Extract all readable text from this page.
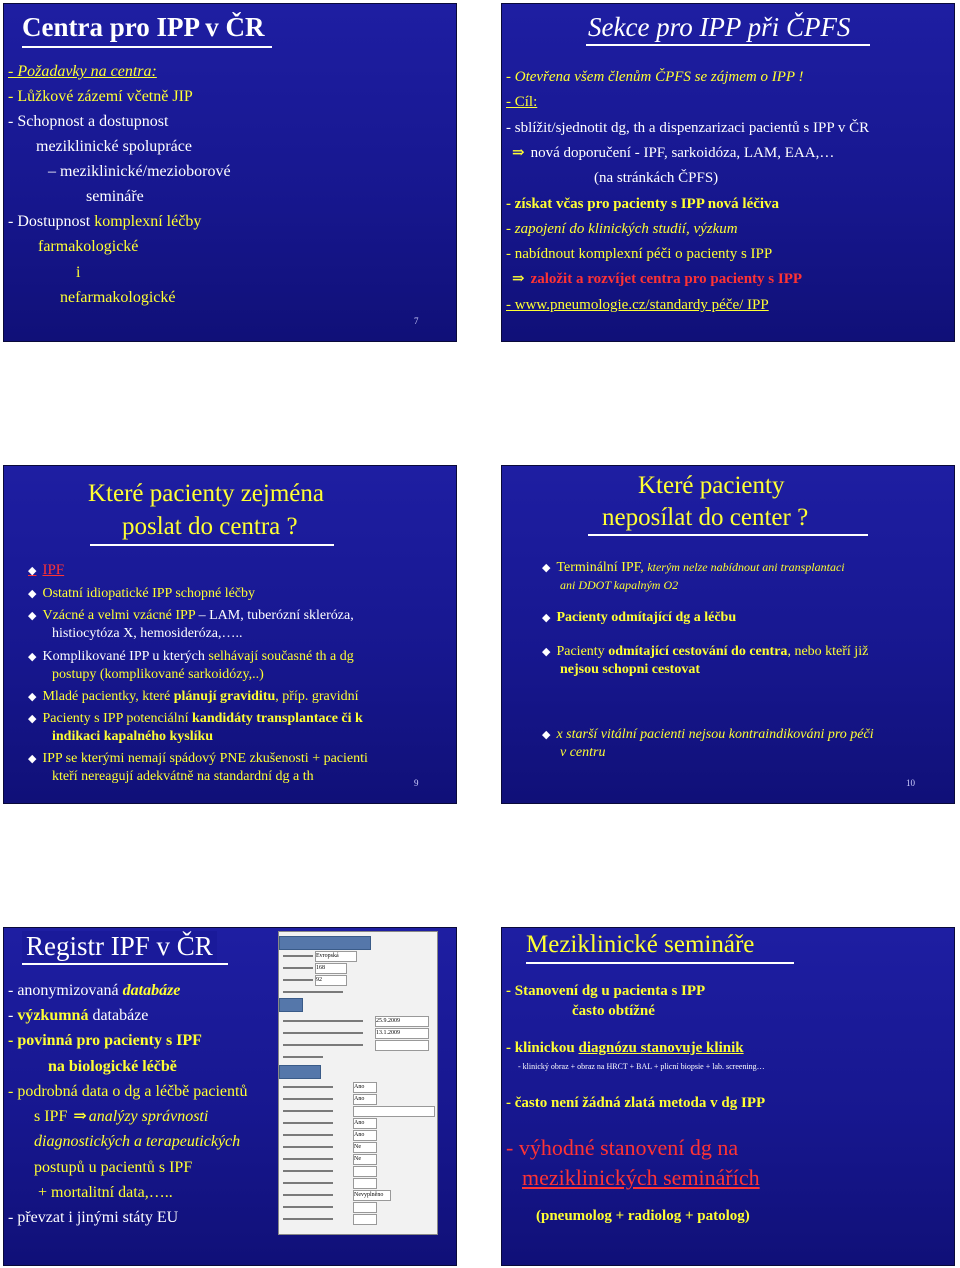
Centra pro IPP v ČR
- Požadavky na centra:
- Lůžkové zázemí včetně JIP
- Schopnost a dostupnost
meziklinické spolupráce
– meziklinické/mezioborové
semináře
- Dostupnost komplexní léčby
farmakologické
i
nefarmakologické
7
Sekce pro IPP při ČPFS
- Otevřena všem členům ČPFS se zájmem o IPP !
- Cíl:
- sblížit/sjednotit dg, th a dispenzarizaci pacientů s IPP v ČR
⇒ nová doporučení - IPF, sarkoidóza, LAM, EAA,…
(na stránkách ČPFS)
- získat včas pro pacienty s IPP nová léčiva
- zapojení do klinických studií, výzkum
- nabídnout komplexní péči o pacienty s IPP
⇒ založit a rozvíjet centra pro pacienty s IPP
- www.pneumologie.cz/standardy péče/ IPP
Které pacienty zejména
poslat do centra ?
◆ IPF
◆ Ostatní idiopatické IPP schopné léčby
◆ Vzácné a velmi vzácné IPP – LAM, tuberózní skleróza,
histiocytóza X, hemosideróza,…..
◆ Komplikované IPP u kterých selhávají současné th a dg
postupy (komplikované sarkoidózy,..)
◆ Mladé pacientky, které plánují graviditu, příp. gravidní
◆ Pacienty s IPP potenciální kandidáty transplantace či k
indikaci kapalného kyslíku
◆ IPP se kterými nemají spádový PNE zkušenosti + pacienti
kteří nereagují adekvátně na standardní dg a th	9
Které pacienty
neposílat do center ?
◆ Terminální IPF, kterým nelze nabídnout ani transplantaci
ani DDOT kapalným O2
◆ Pacienty odmítající dg a léčbu
◆ Pacienty odmítající cestování do centra, nebo kteří již
nejsou schopni cestovat
◆ x starší vitální pacienti nejsou kontraindikováni pro péči
v centru
10
Evropská
168
92
25.9.2009
13.1.2009
Ano
Ano
Ano
Ano
Ne
Ne
Nevyplněno
Registr IPF v ČR
- anonymizovaná databáze
- výzkumná databáze
- povinná pro pacienty s IPF
na biologické léčbě
- podrobná data o dg a léčbě pacientů
s IPF ⇒ analýzy správnosti
diagnostických a terapeutických
postupů u pacientů s IPF
+ mortalitní data,…..
- převzat i jinými státy EU
Meziklinické semináře
- Stanovení dg u pacienta s IPP
často obtížné
- klinickou diagnózu stanovuje klinik
- klinický obraz + obraz na HRCT + BAL + plicní biopsie + lab. screening…
- často není žádná zlatá metoda v dg IPP
- výhodné stanovení dg na
meziklinických seminářích
(pneumolog + radiolog + patolog)
